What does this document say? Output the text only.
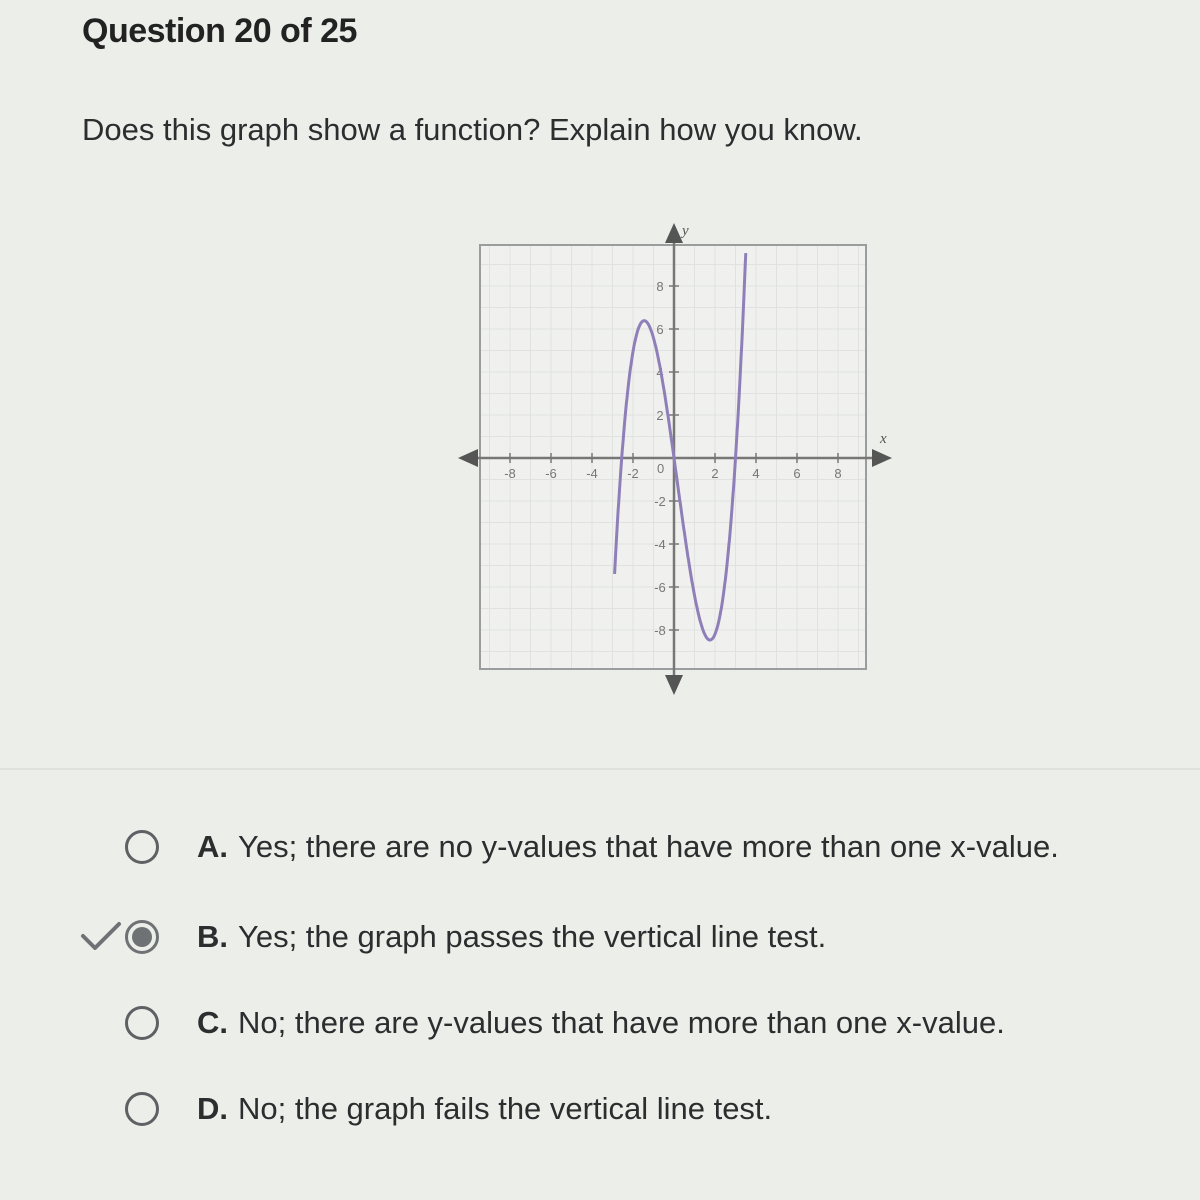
Question 20 of 25
Does this graph show a function? Explain how you know.
y
x
-8 -6 -4 -2	2	4	6	8
8
6
4
2
-2
-4
-6
-8
0
A. Yes; there are no y-values that have more than one x-value.
B. Yes; the graph passes the vertical line test.
C. No; there are y-values that have more than one x-value.
D. No; the graph fails the vertical line test.
